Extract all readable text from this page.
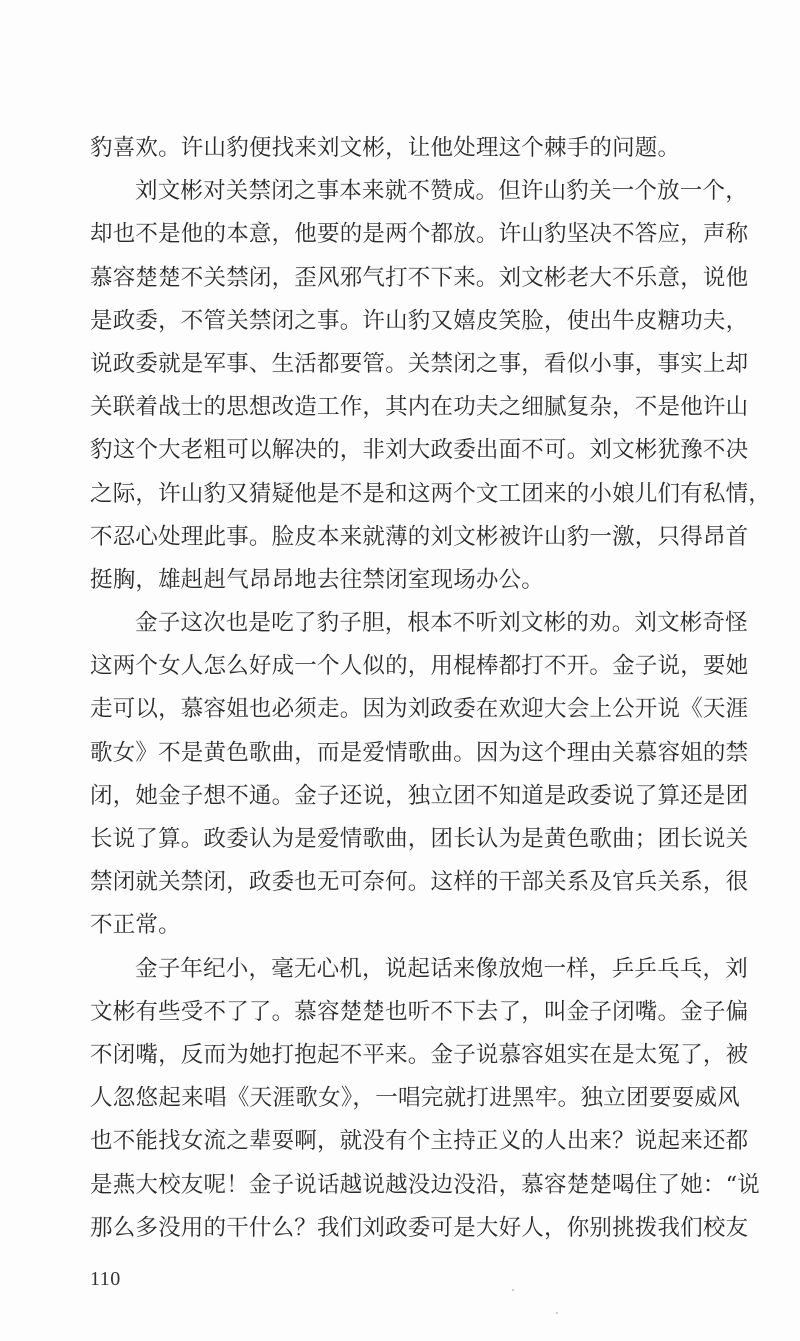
豹喜欢。许山豹便找来刘文彬，让他处理这个棘手的问题。
刘文彬对关禁闭之事本来就不赞成。但许山豹关一个放一个，
却也不是他的本意，他要的是两个都放。许山豹坚决不答应，声称
慕容楚楚不关禁闭，歪风邪气打不下来。刘文彬老大不乐意，说他
是政委，不管关禁闭之事。许山豹又嬉皮笑脸，使出牛皮糖功夫，
说政委就是军事、生活都要管。关禁闭之事，看似小事，事实上却
关联着战士的思想改造工作，其内在功夫之细腻复杂，不是他许山
豹这个大老粗可以解决的，非刘大政委出面不可。刘文彬犹豫不决
之际，许山豹又猜疑他是不是和这两个文工团来的小娘儿们有私情，
不忍心处理此事。脸皮本来就薄的刘文彬被许山豹一激，只得昂首
挺胸，雄赳赳气昂昂地去往禁闭室现场办公。
金子这次也是吃了豹子胆，根本不听刘文彬的劝。刘文彬奇怪
这两个女人怎么好成一个人似的，用棍棒都打不开。金子说，要她
走可以，慕容姐也必须走。因为刘政委在欢迎大会上公开说《天涯
歌女》不是黄色歌曲，而是爱情歌曲。因为这个理由关慕容姐的禁
闭，她金子想不通。金子还说，独立团不知道是政委说了算还是团
长说了算。政委认为是爱情歌曲，团长认为是黄色歌曲；团长说关
禁闭就关禁闭，政委也无可奈何。这样的干部关系及官兵关系，很
不正常。
金子年纪小，毫无心机，说起话来像放炮一样，乒乒乓乓，刘
文彬有些受不了了。慕容楚楚也听不下去了，叫金子闭嘴。金子偏
不闭嘴，反而为她打抱起不平来。金子说慕容姐实在是太冤了，被
人忽悠起来唱《天涯歌女》，一唱完就打进黑牢。独立团要耍威风
也不能找女流之辈耍啊，就没有个主持正义的人出来？说起来还都
是燕大校友呢！金子说话越说越没边没沿，慕容楚楚喝住了她：“说
那么多没用的干什么？我们刘政委可是大好人，你别挑拨我们校友
110
